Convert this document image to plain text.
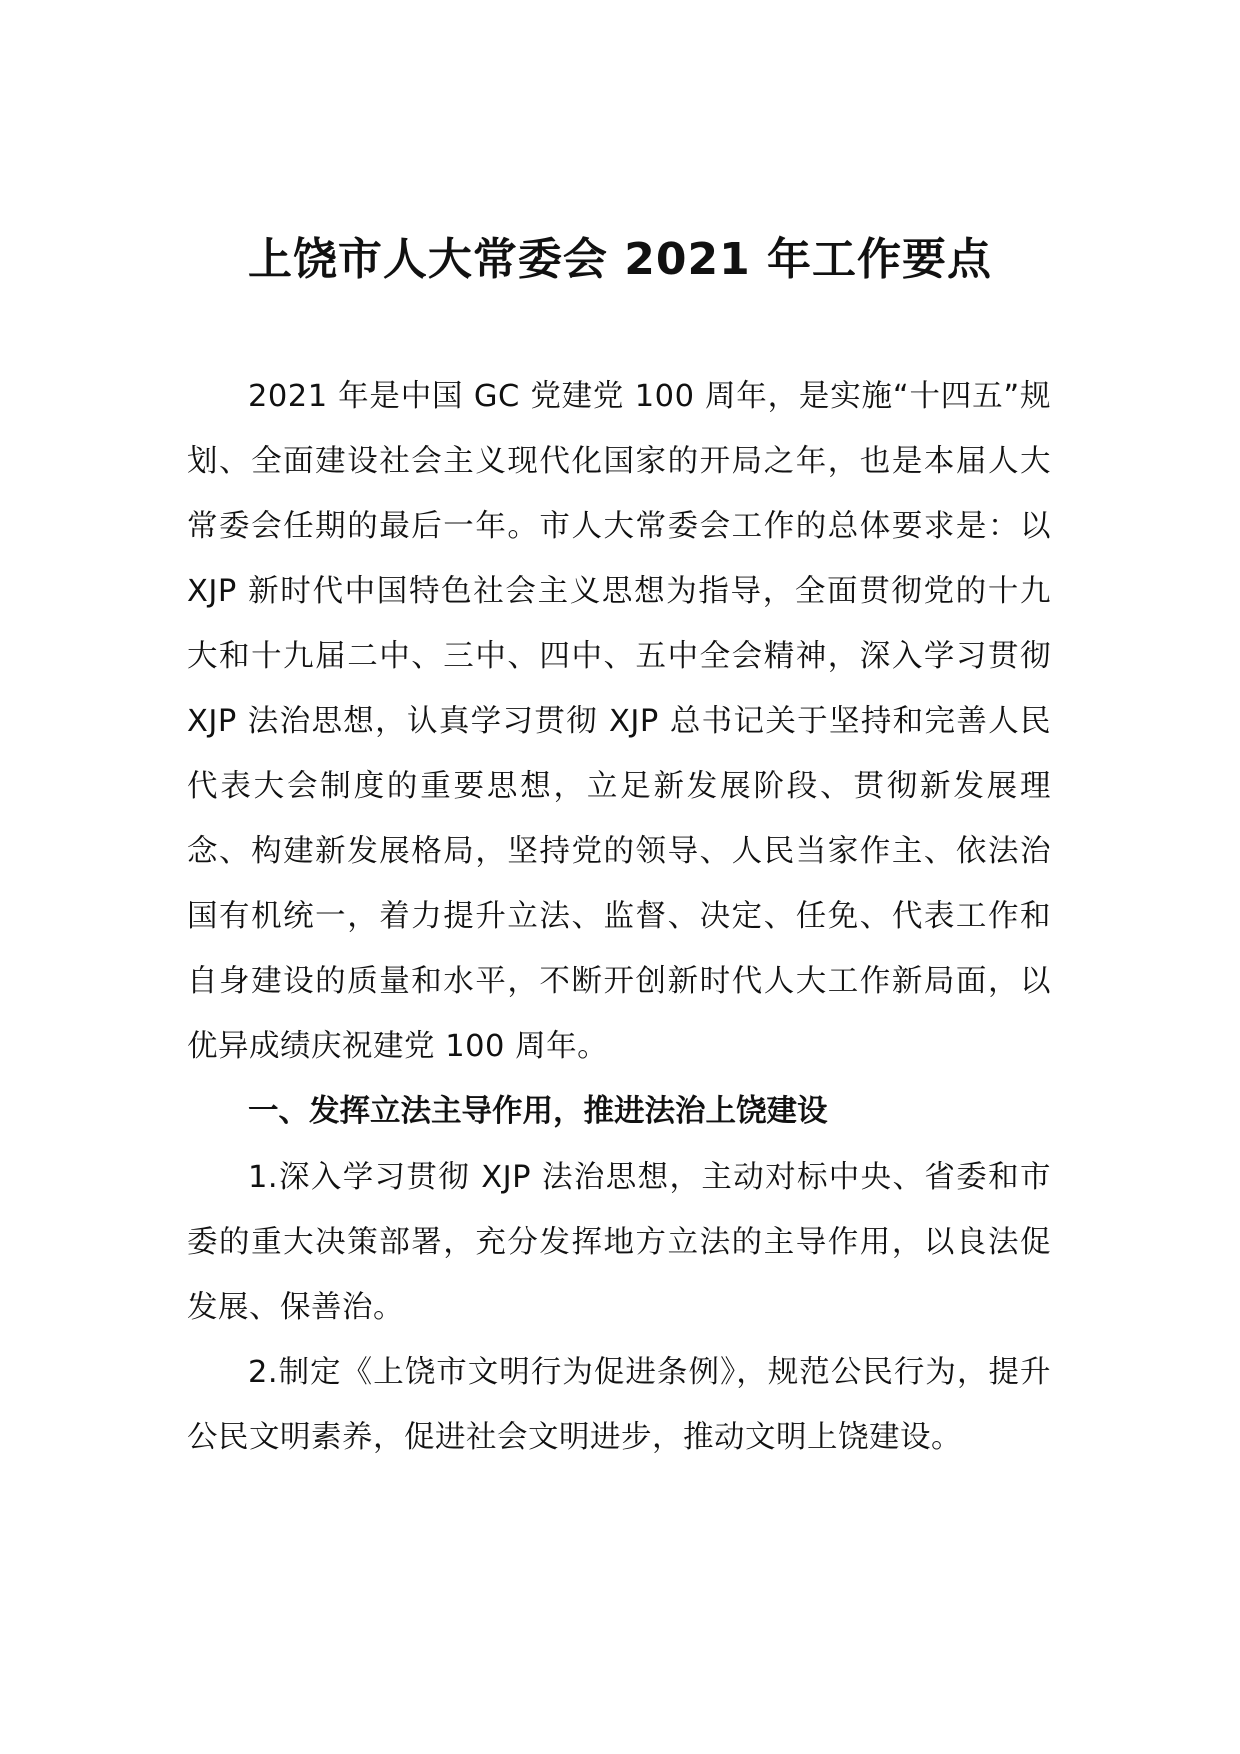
上饶市人大常委会 2021 年工作要点

2021 年是中国 GC 党建党 100 周年，是实施“十四五”规划、全面建设社会主义现代化国家的开局之年，也是本届人大常委会任期的最后一年。市人大常委会工作的总体要求是：以 XJP 新时代中国特色社会主义思想为指导，全面贯彻党的十九大和十九届二中、三中、四中、五中全会精神，深入学习贯彻 XJP 法治思想，认真学习贯彻 XJP 总书记关于坚持和完善人民代表大会制度的重要思想，立足新发展阶段、贯彻新发展理念、构建新发展格局，坚持党的领导、人民当家作主、依法治国有机统一，着力提升立法、监督、决定、任免、代表工作和自身建设的质量和水平，不断开创新时代人大工作新局面，以优异成绩庆祝建党 100 周年。

一、发挥立法主导作用，推进法治上饶建设

1.深入学习贯彻 XJP 法治思想，主动对标中央、省委和市委的重大决策部署，充分发挥地方立法的主导作用，以良法促发展、保善治。

2.制定《上饶市文明行为促进条例》，规范公民行为，提升公民文明素养，促进社会文明进步，推动文明上饶建设。
